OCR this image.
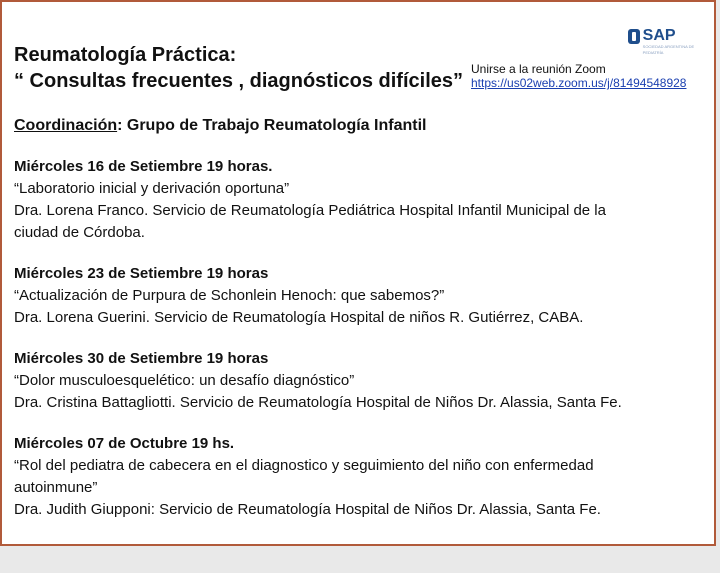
SAP
SOCIEDAD ARGENTINA DE PEDIATRÍA
Reumatología Práctica:
“ Consultas frecuentes , diagnósticos difíciles”
Unirse a la reunión Zoom
https://us02web.zoom.us/j/81494548928
Coordinación: Grupo de Trabajo Reumatología Infantil
Miércoles 16 de Setiembre 19 horas.
“Laboratorio inicial y derivación oportuna”
Dra. Lorena Franco. Servicio de Reumatología Pediátrica Hospital Infantil Municipal de la
ciudad de Córdoba.
Miércoles 23 de Setiembre 19 horas
“Actualización de Purpura de Schonlein Henoch: que sabemos?”
Dra. Lorena Guerini. Servicio de Reumatología Hospital de niños R. Gutiérrez, CABA.
Miércoles 30 de Setiembre 19 horas
“Dolor musculoesquelético: un desafío diagnóstico”
Dra. Cristina Battagliotti. Servicio de Reumatología Hospital de Niños Dr. Alassia, Santa Fe.
Miércoles 07 de Octubre 19 hs.
“Rol del pediatra de cabecera en el diagnostico y seguimiento del niño con enfermedad
autoinmune”
Dra. Judith Giupponi: Servicio de Reumatología Hospital de Niños Dr. Alassia, Santa Fe.
